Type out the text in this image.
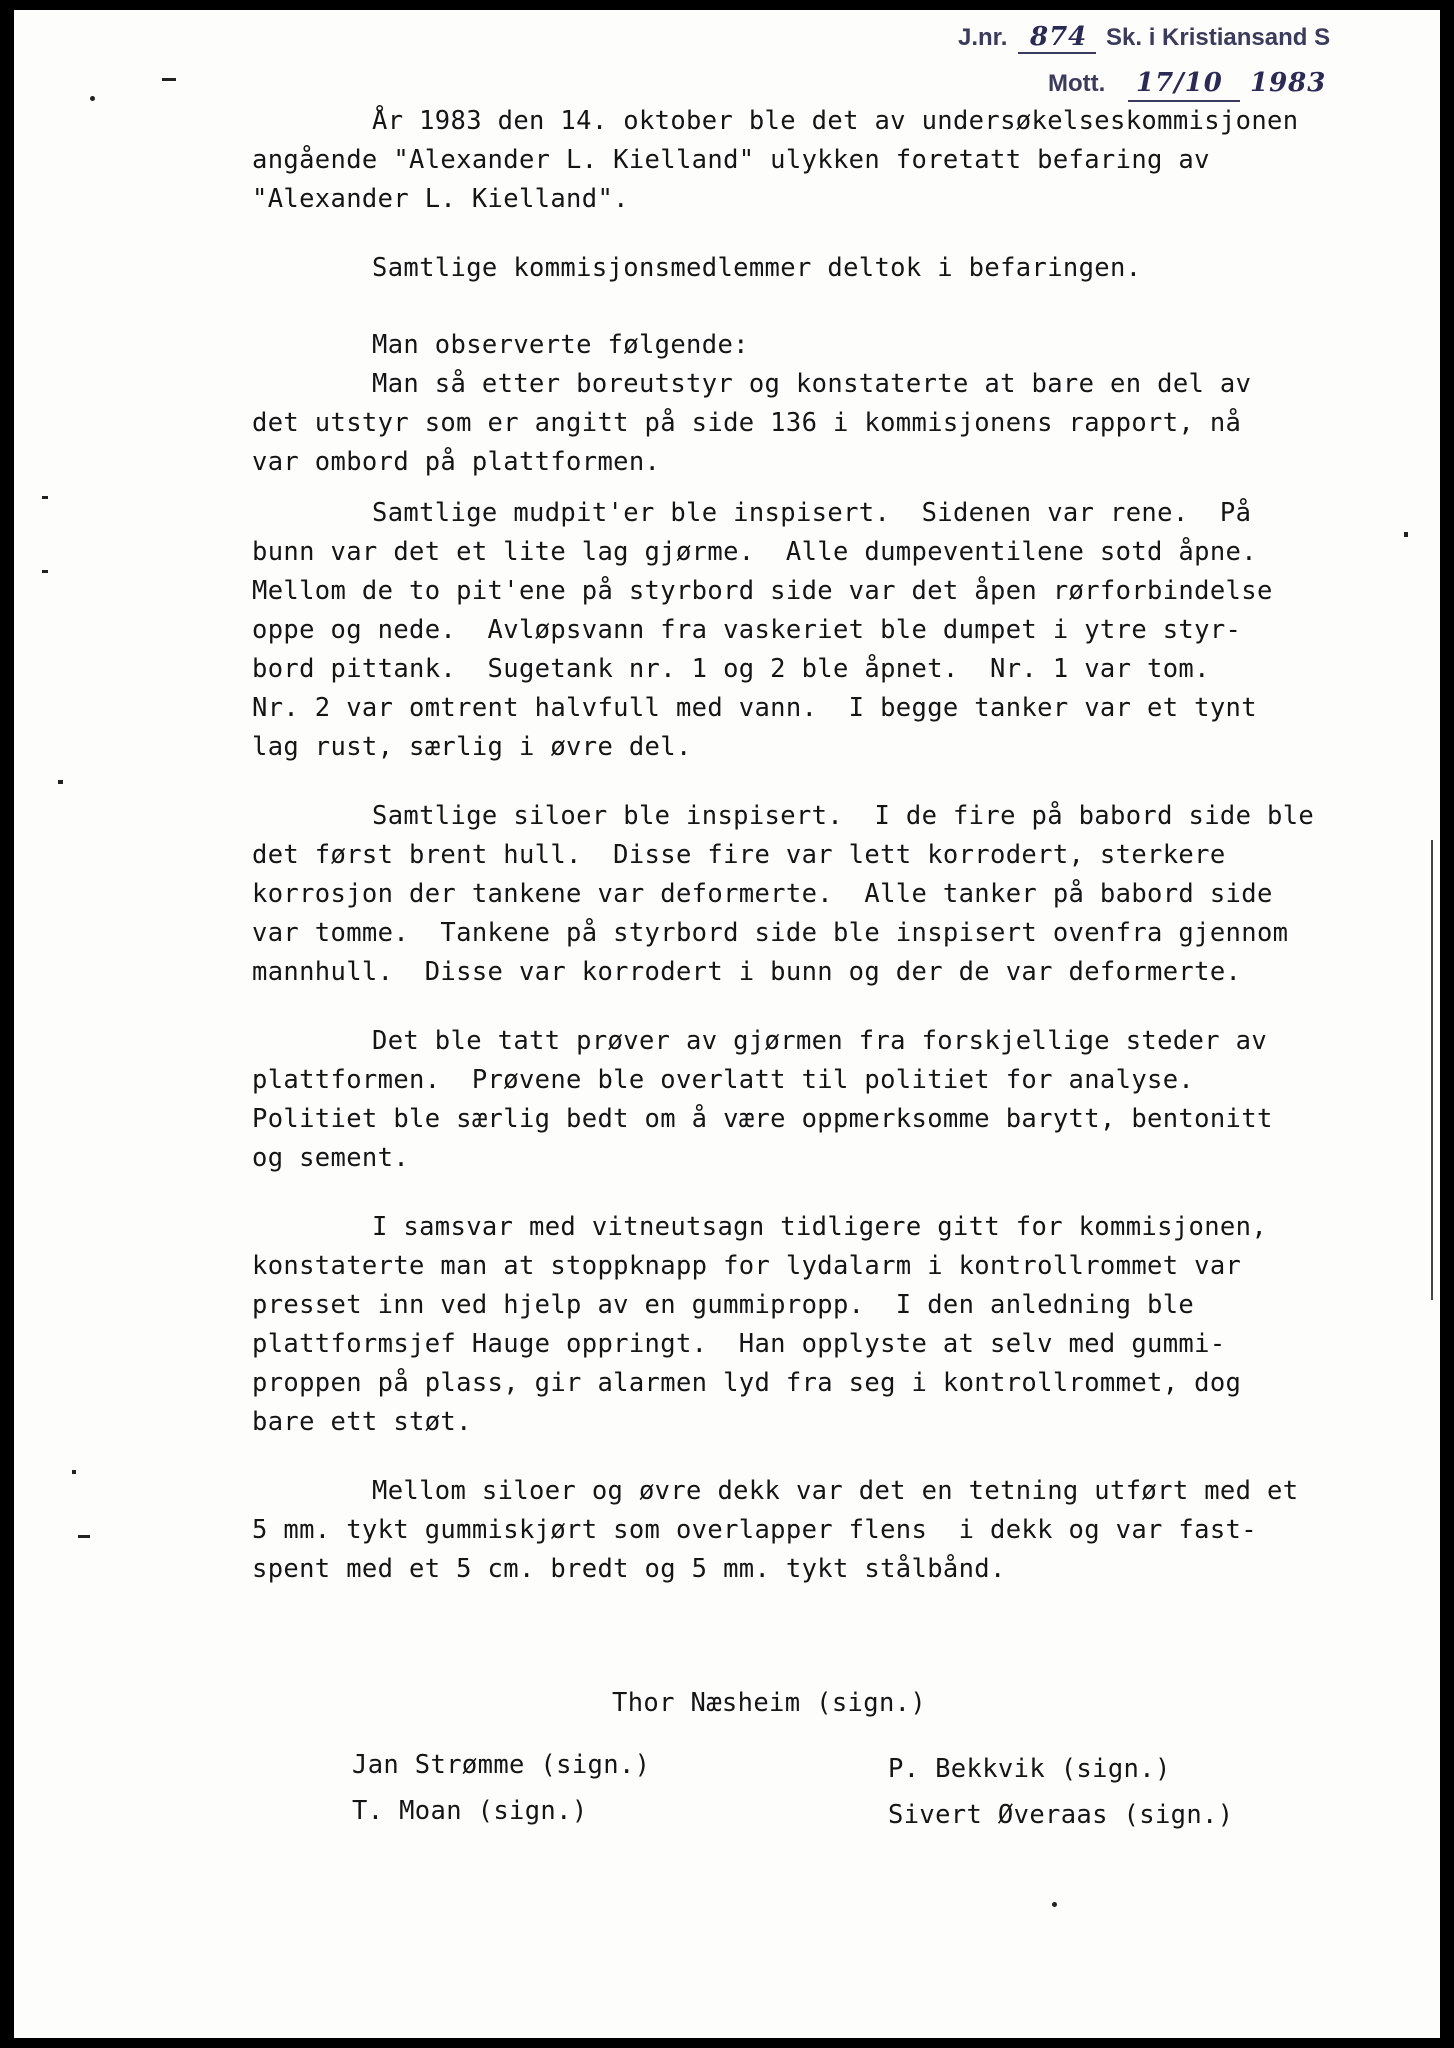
J.nr. 874 Sk. i Kristiansand S
Mott. 17/10 1983

År 1983 den 14. oktober ble det av undersøkelseskommisjonen

angående "Alexander L. Kielland" ulykken foretatt befaring av

"Alexander L. Kielland".

Samtlige kommisjonsmedlemmer deltok i befaringen.

Man observerte følgende:

Man så etter boreutstyr og konstaterte at bare en del av

det utstyr som er angitt på side 136 i kommisjonens rapport, nå

var ombord på plattformen.

Samtlige mudpit'er ble inspisert.  Sidenen var rene.  På

bunn var det et lite lag gjørme.  Alle dumpeventilene sotd åpne.

Mellom de to pit'ene på styrbord side var det åpen rørforbindelse

oppe og nede.  Avløpsvann fra vaskeriet ble dumpet i ytre styr-

bord pittank.  Sugetank nr. 1 og 2 ble åpnet.  Nr. 1 var tom.

Nr. 2 var omtrent halvfull med vann.  I begge tanker var et tynt

lag rust, særlig i øvre del.

Samtlige siloer ble inspisert.  I de fire på babord side ble

det først brent hull.  Disse fire var lett korrodert, sterkere

korrosjon der tankene var deformerte.  Alle tanker på babord side

var tomme.  Tankene på styrbord side ble inspisert ovenfra gjennom

mannhull.  Disse var korrodert i bunn og der de var deformerte.

Det ble tatt prøver av gjørmen fra forskjellige steder av

plattformen.  Prøvene ble overlatt til politiet for analyse.

Politiet ble særlig bedt om å være oppmerksomme barytt, bentonitt

og sement.

I samsvar med vitneutsagn tidligere gitt for kommisjonen,

konstaterte man at stoppknapp for lydalarm i kontrollrommet var

presset inn ved hjelp av en gummipropp.  I den anledning ble

plattformsjef Hauge oppringt.  Han opplyste at selv med gummi-

proppen på plass, gir alarmen lyd fra seg i kontrollrommet, dog

bare ett støt.

Mellom siloer og øvre dekk var det en tetning utført med et

5 mm. tykt gummiskjørt som overlapper flens  i dekk og var fast-

spent med et 5 cm. bredt og 5 mm. tykt stålbånd.

Thor Næsheim (sign.)
Jan Strømme (sign.)
T. Moan (sign.)
P. Bekkvik (sign.)
Sivert Øveraas (sign.)
